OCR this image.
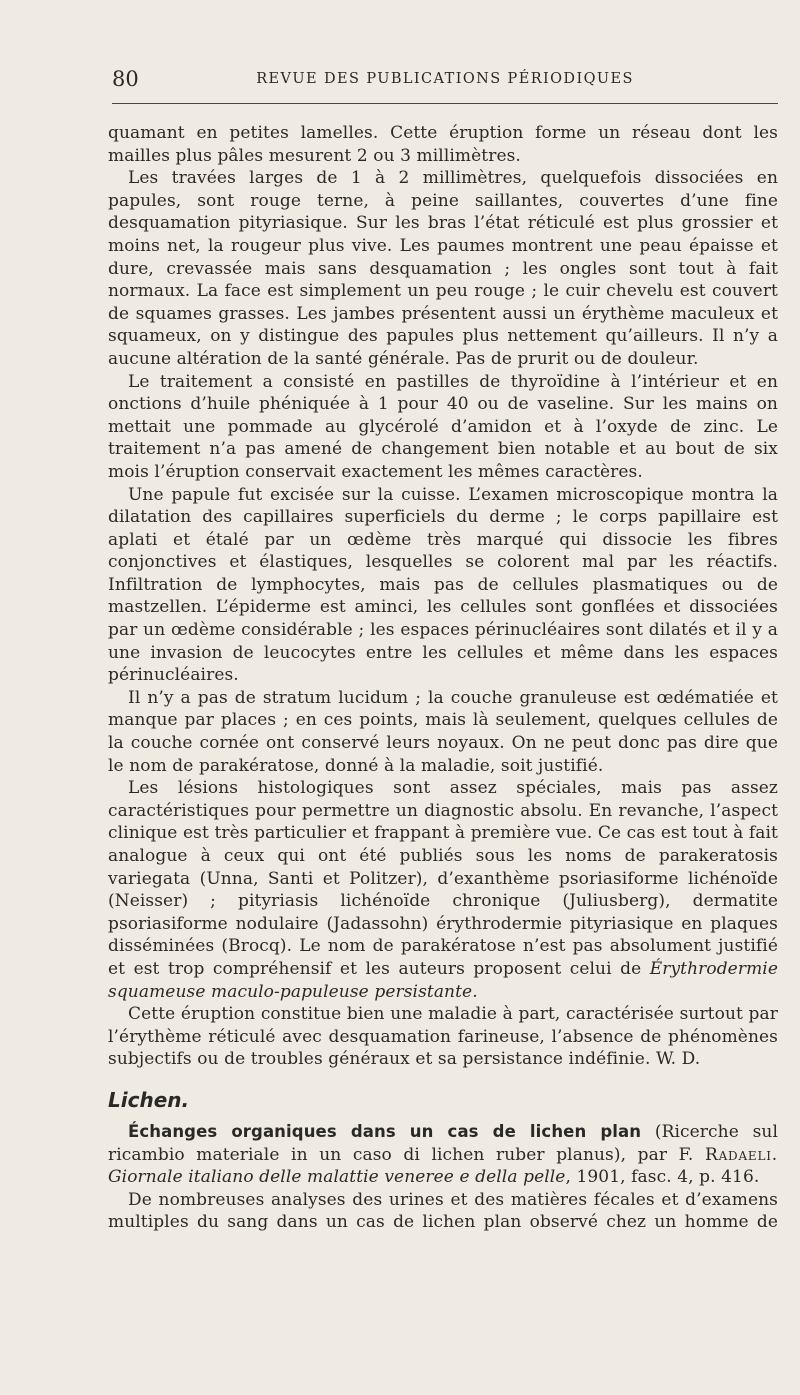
80	REVUE DES PUBLICATIONS PÉRIODIQUES

quamant en petites lamelles. Cette éruption forme un réseau dont les mailles plus pâles mesurent 2 ou 3 millimètres.

Les travées larges de 1 à 2 millimètres, quelquefois dissociées en papules, sont rouge terne, à peine saillantes, couvertes d’une fine desquamation pityriasique. Sur les bras l’état réticulé est plus grossier et moins net, la rougeur plus vive. Les paumes montrent une peau épaisse et dure, crevassée mais sans desquamation ; les ongles sont tout à fait normaux. La face est simplement un peu rouge ; le cuir chevelu est couvert de squames grasses. Les jambes présentent aussi un érythème maculeux et squameux, on y distingue des papules plus nettement qu’ailleurs. Il n’y a aucune altération de la santé générale. Pas de prurit ou de douleur.

Le traitement a consisté en pastilles de thyroïdine à l’intérieur et en onctions d’huile phéniquée à 1 pour 40 ou de vaseline. Sur les mains on mettait une pommade au glycérolé d’amidon et à l’oxyde de zinc. Le traitement n’a pas amené de changement bien notable et au bout de six mois l’éruption conservait exactement les mêmes caractères.

Une papule fut excisée sur la cuisse. L’examen microscopique montra la dilatation des capillaires superficiels du derme ; le corps papillaire est aplati et étalé par un œdème très marqué qui dissocie les fibres conjonctives et élastiques, lesquelles se colorent mal par les réactifs. Infiltration de lymphocytes, mais pas de cellules plasmatiques ou de mastzellen. L’épiderme est aminci, les cellules sont gonflées et dissociées par un œdème considérable ; les espaces périnucléaires sont dilatés et il y a une invasion de leucocytes entre les cellules et même dans les espaces périnucléaires.

Il n’y a pas de stratum lucidum ; la couche granuleuse est œdématiée et manque par places ; en ces points, mais là seulement, quelques cellules de la couche cornée ont conservé leurs noyaux. On ne peut donc pas dire que le nom de parakératose, donné à la maladie, soit justifié.

Les lésions histologiques sont assez spéciales, mais pas assez caractéristiques pour permettre un diagnostic absolu. En revanche, l’aspect clinique est très particulier et frappant à première vue. Ce cas est tout à fait analogue à ceux qui ont été publiés sous les noms de parakeratosis variegata (Unna, Santi et Politzer), d’exanthème psoriasiforme lichénoïde (Neisser) ; pityriasis lichénoïde chronique (Juliusberg), dermatite psoriasiforme nodulaire (Jadassohn) érythrodermie pityriasique en plaques disséminées (Brocq). Le nom de parakératose n’est pas absolument justifié et est trop compréhensif et les auteurs proposent celui de Érythrodermie squameuse maculo-papuleuse persistante.

Cette éruption constitue bien une maladie à part, caractérisée surtout par l’érythème réticulé avec desquamation farineuse, l’absence de phénomènes subjectifs ou de troubles généraux et sa persistance indéfinie. W. D.

Lichen.

Échanges organiques dans un cas de lichen plan (Ricerche sul ricambio materiale in un caso di lichen ruber planus), par F. Radaeli. Giornale italiano delle malattie veneree e della pelle, 1901, fasc. 4, p. 416.

De nombreuses analyses des urines et des matières fécales et d’examens multiples du sang dans un cas de lichen plan observé chez un homme de
